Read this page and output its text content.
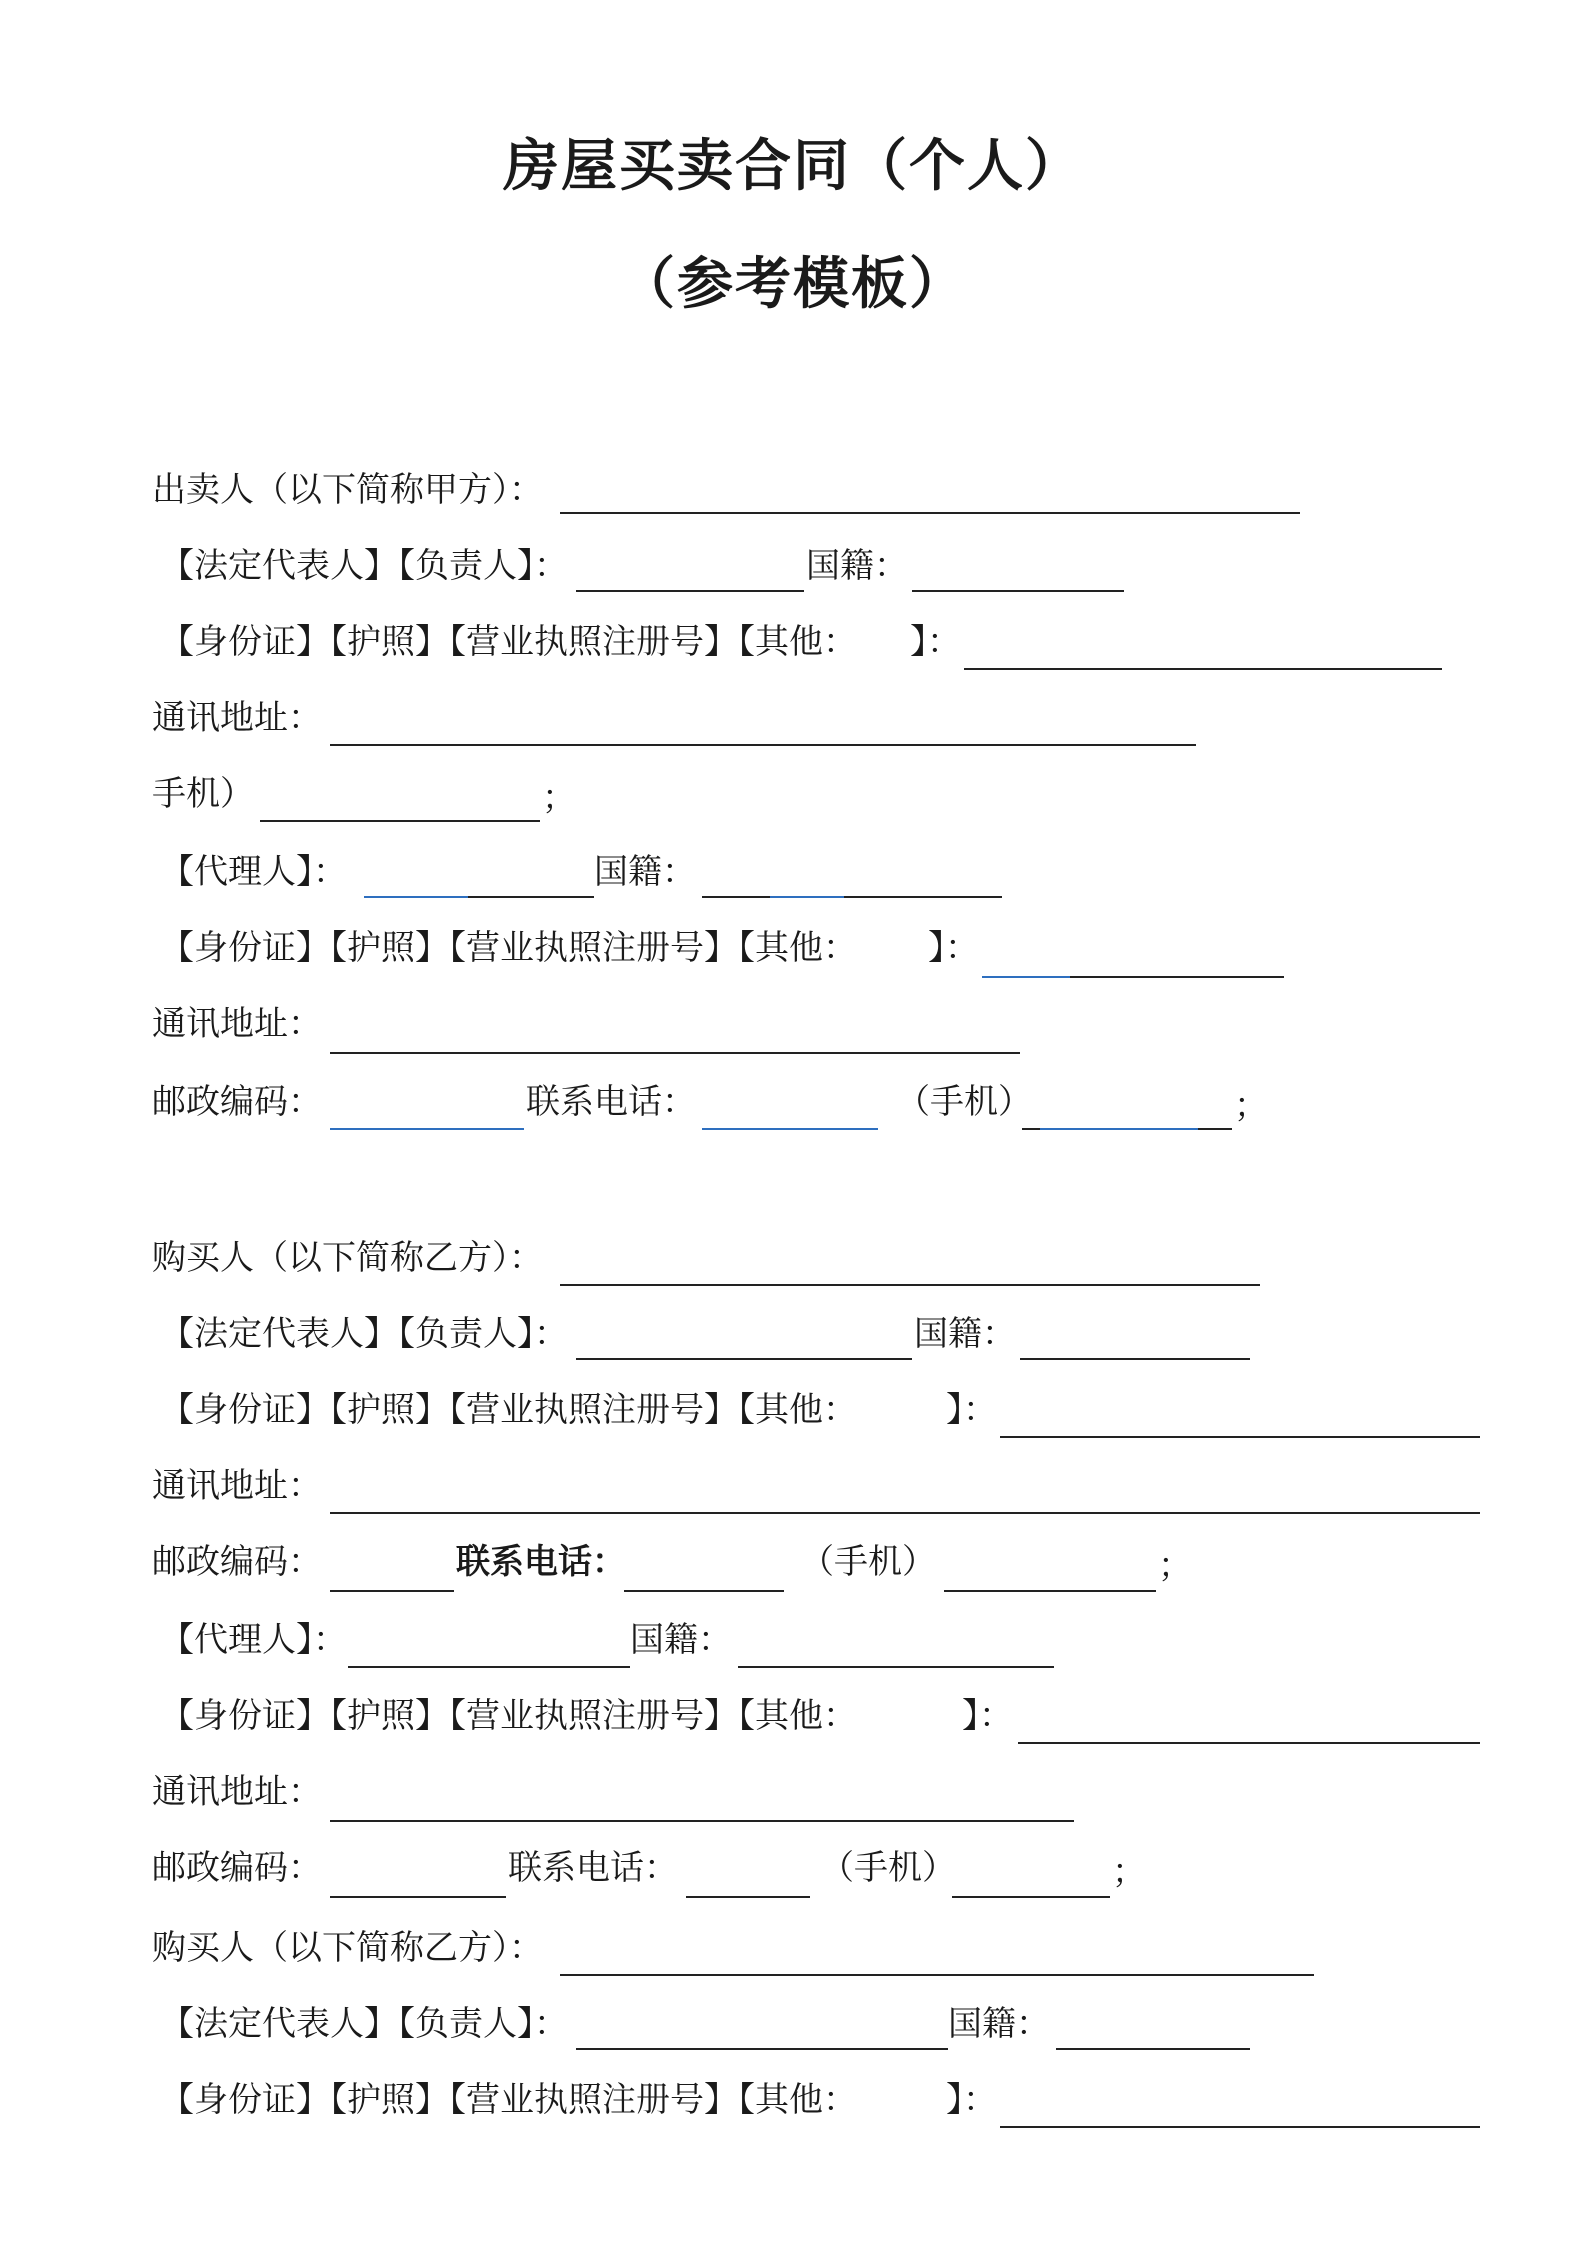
房屋买卖合同（个人）
（参考模板）
出卖人（以下简称甲方）：
【法定代表人】【负责人】：	国籍：
【身份证】【护照】【营业执照注册号】【其他： 】：
通讯地址：
手机）	；
【代理人】：	国籍：
【身份证】【护照】【营业执照注册号】【其他： 】：
通讯地址：
邮政编码：	联系电话：	（手机）	；
购买人（以下简称乙方）：
【法定代表人】【负责人】：	国籍：
【身份证】【护照】【营业执照注册号】【其他：	】：
通讯地址：
邮政编码：	联系电话：	（手机）	；
【代理人】：	国籍：
【身份证】【护照】【营业执照注册号】【其他：	】：
通讯地址：
邮政编码：	联系电话：	（手机）	；
购买人（以下简称乙方）：
【法定代表人】【负责人】：	国籍：
【身份证】【护照】【营业执照注册号】【其他：	】：
